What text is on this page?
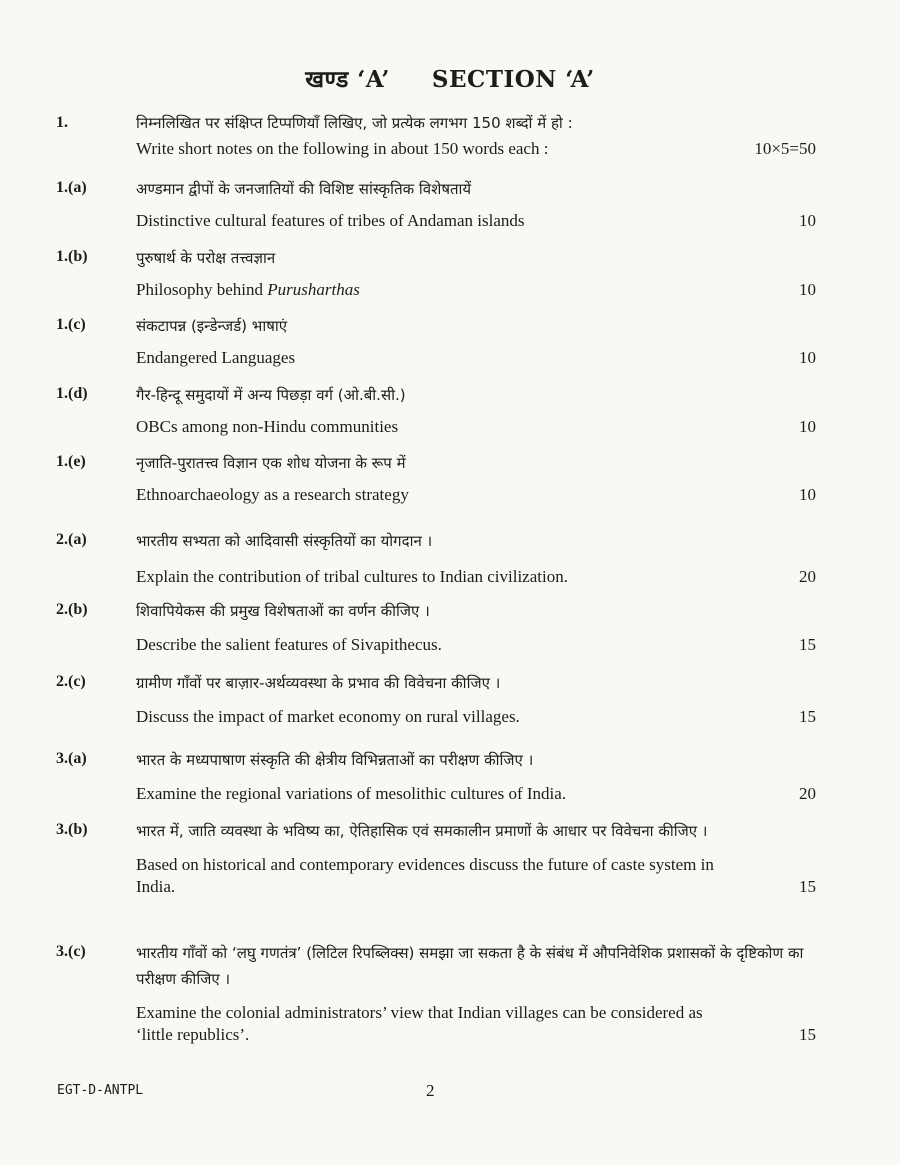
खण्ड ‘A’ SECTION ‘A’
1.	निम्नलिखित पर संक्षिप्त टिप्पणियाँ लिखिए, जो प्रत्येक लगभग 150 शब्दों में हो :
Write short notes on the following in about 150 words each :	10×5=50
1.(a)	अण्डमान द्वीपों के जनजातियों की विशिष्ट सांस्कृतिक विशेषतायें
Distinctive cultural features of tribes of Andaman islands	10
1.(b)	पुरुषार्थ के परोक्ष तत्त्वज्ञान
Philosophy behind Purusharthas	10
1.(c)	संकटापन्न (इन्डेन्जर्ड) भाषाएं
Endangered Languages	10
1.(d)	गैर-हिन्दू समुदायों में अन्य पिछड़ा वर्ग (ओ.बी.सी.)
OBCs among non-Hindu communities	10
1.(e)	नृजाति-पुरातत्त्व विज्ञान एक शोध योजना के रूप में
Ethnoarchaeology as a research strategy	10
2.(a)	भारतीय सभ्यता को आदिवासी संस्कृतियों का योगदान ।
Explain the contribution of tribal cultures to Indian civilization.	20
2.(b)	शिवापियेकस की प्रमुख विशेषताओं का वर्णन कीजिए ।
Describe the salient features of Sivapithecus.	15
2.(c)	ग्रामीण गाँवों पर बाज़ार-अर्थव्यवस्था के प्रभाव की विवेचना कीजिए ।
Discuss the impact of market economy on rural villages.	15
3.(a)	भारत के मध्यपाषाण संस्कृति की क्षेत्रीय विभिन्नताओं का परीक्षण कीजिए ।
Examine the regional variations of mesolithic cultures of India.	20
3.(b)	भारत में, जाति व्यवस्था के भविष्य का, ऐतिहासिक एवं समकालीन प्रमाणों के आधार पर विवेचना कीजिए ।
Based on historical and contemporary evidences discuss the future of caste system in India.	15
3.(c)	भारतीय गाँवों को ‘लघु गणतंत्र’ (लिटिल रिपब्लिक्स) समझा जा सकता है के संबंध में औपनिवेशिक प्रशासकों के दृष्टिकोण का परीक्षण कीजिए ।
Examine the colonial administrators’ view that Indian villages can be considered as ‘little republics’.	15
EGT-D-ANTPL	2
